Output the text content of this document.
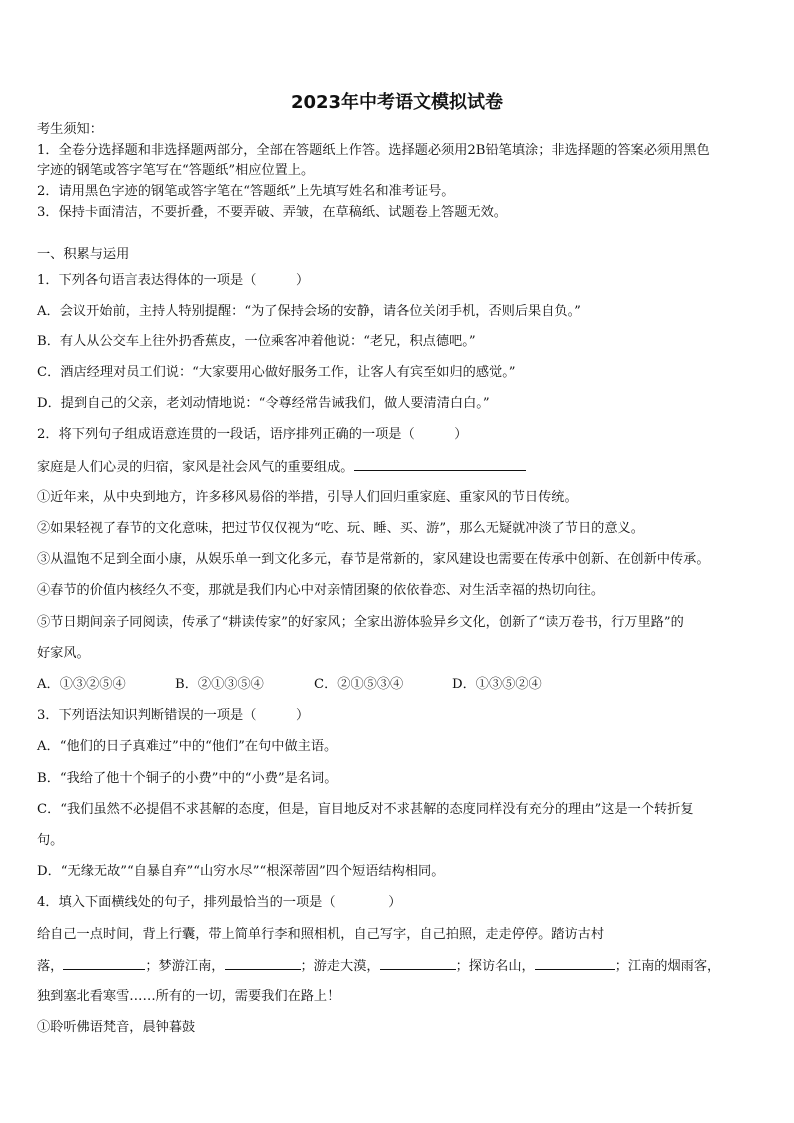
2023年中考语文模拟试卷
考生须知：
1．全卷分选择题和非选择题两部分，全部在答题纸上作答。选择题必须用2B铅笔填涂；非选择题的答案必须用黑色
字迹的钢笔或答字笔写在“答题纸”相应位置上。
2．请用黑色字迹的钢笔或答字笔在“答题纸”上先填写姓名和准考证号。
3．保持卡面清洁，不要折叠，不要弄破、弄皱，在草稿纸、试题卷上答题无效。
一、积累与运用
1．下列各句语言表达得体的一项是（　　　）
A．会议开始前，主持人特别提醒：“为了保持会场的安静，请各位关闭手机，否则后果自负。”
B．有人从公交车上往外扔香蕉皮，一位乘客冲着他说：“老兄，积点德吧。”
C．酒店经理对员工们说：“大家要用心做好服务工作，让客人有宾至如归的感觉。”
D．提到自己的父亲，老刘动情地说：“令尊经常告诫我们，做人要清清白白。”
2．将下列句子组成语意连贯的一段话，语序排列正确的一项是（　　　）
家庭是人们心灵的归宿，家风是社会风气的重要组成。
①近年来，从中央到地方，许多移风易俗的举措，引导人们回归重家庭、重家风的节日传统。
②如果轻视了春节的文化意味，把过节仅仅视为“吃、玩、睡、买、游”，那么无疑就冲淡了节日的意义。
③从温饱不足到全面小康，从娱乐单一到文化多元，春节是常新的，家风建设也需要在传承中创新、在创新中传承。
④春节的价值内核经久不变，那就是我们内心中对亲情团聚的依依眷恋、对生活幸福的热切向往。
⑤节日期间亲子同阅读，传承了“耕读传家”的好家风；全家出游体验异乡文化，创新了“读万卷书，行万里路”的
好家风。
A．①③②⑤④	B．②①③⑤④	C．②①⑤③④	D．①③⑤②④
3．下列语法知识判断错误的一项是（　　　）
A．“他们的日子真难过”中的“他们”在句中做主语。
B．“我给了他十个铜子的小费”中的“小费”是名词。
C．“我们虽然不必提倡不求甚解的态度，但是，盲目地反对不求甚解的态度同样没有充分的理由”这是一个转折复
句。
D．“无缘无故”“自暴自弃”“山穷水尽”“根深蒂固”四个短语结构相同。
4．填入下面横线处的句子，排列最恰当的一项是（　　　　）
给自己一点时间，背上行囊，带上简单行李和照相机，自己写字，自己拍照，走走停停。踏访古村
落，	；梦游江南，	；游走大漠，	；探访名山，	；江南的烟雨客，
独到塞北看寒雪……所有的一切，需要我们在路上！
①聆听佛语梵音，晨钟暮鼓
